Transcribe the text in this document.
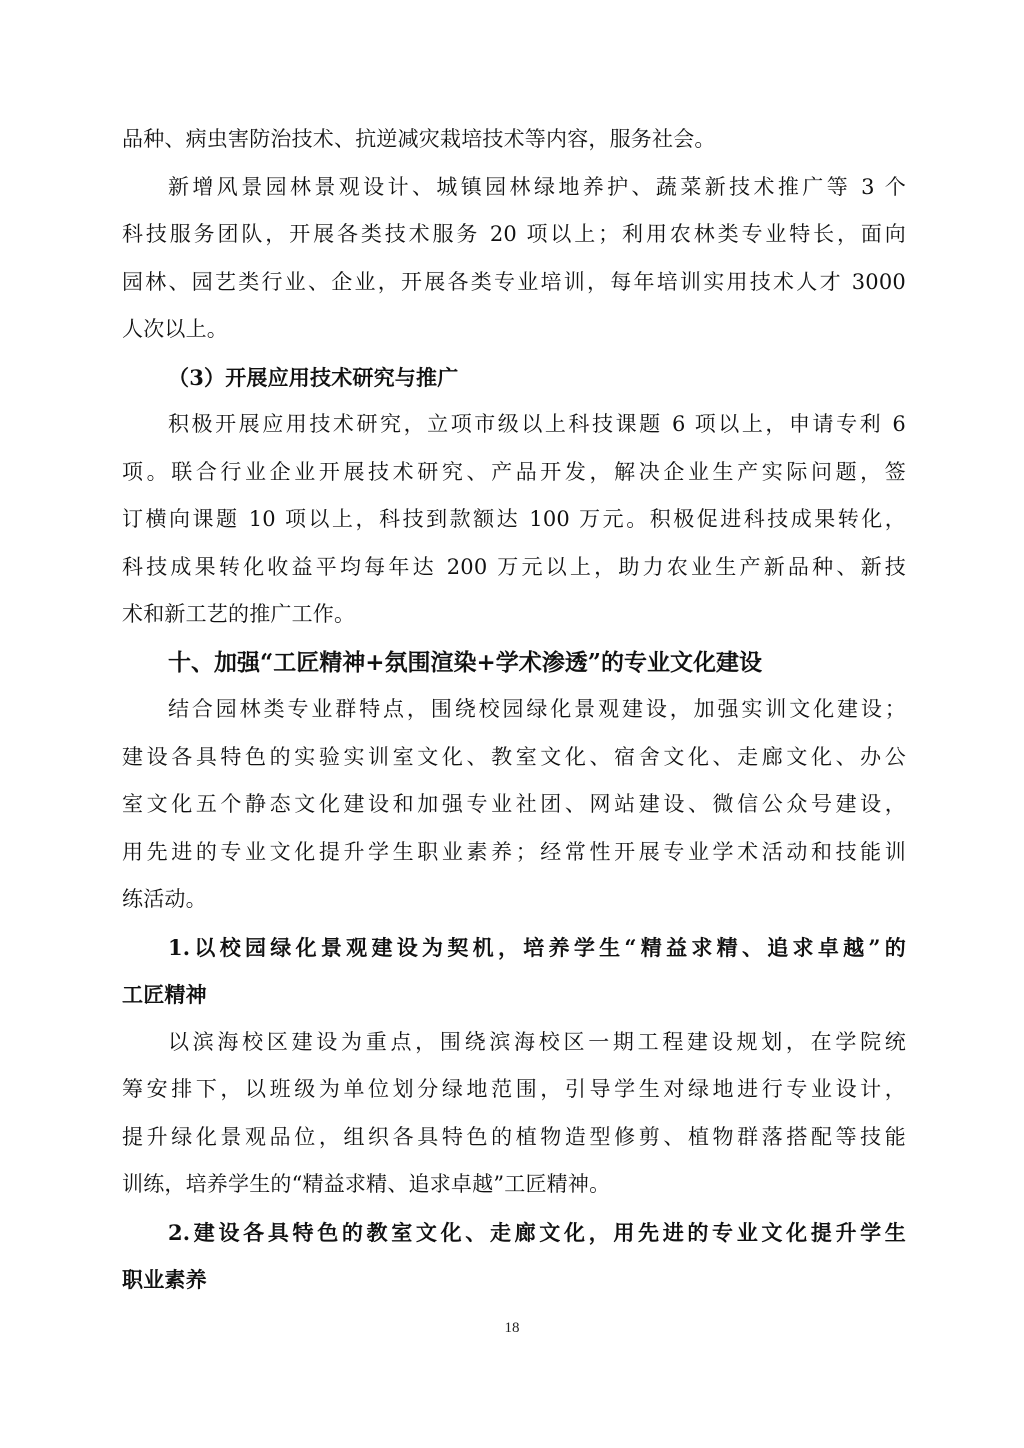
品种、病虫害防治技术、抗逆减灾栽培技术等内容，服务社会。
新增风景园林景观设计、城镇园林绿地养护、蔬菜新技术推广等 3 个
科技服务团队，开展各类技术服务 20 项以上；利用农林类专业特长，面向
园林、园艺类行业、企业，开展各类专业培训，每年培训实用技术人才 3000
人次以上。
（3）开展应用技术研究与推广
积极开展应用技术研究，立项市级以上科技课题 6 项以上，申请专利 6
项。联合行业企业开展技术研究、产品开发，解决企业生产实际问题，签
订横向课题 10 项以上，科技到款额达 100 万元。积极促进科技成果转化，
科技成果转化收益平均每年达 200 万元以上，助力农业生产新品种、新技
术和新工艺的推广工作。
十、加强“工匠精神+氛围渲染+学术渗透”的专业文化建设
结合园林类专业群特点，围绕校园绿化景观建设，加强实训文化建设；
建设各具特色的实验实训室文化、教室文化、宿舍文化、走廊文化、办公
室文化五个静态文化建设和加强专业社团、网站建设、微信公众号建设，
用先进的专业文化提升学生职业素养；经常性开展专业学术活动和技能训
练活动。
1.以校园绿化景观建设为契机，培养学生“精益求精、追求卓越”的
工匠精神
以滨海校区建设为重点，围绕滨海校区一期工程建设规划，在学院统
筹安排下，以班级为单位划分绿地范围，引导学生对绿地进行专业设计，
提升绿化景观品位，组织各具特色的植物造型修剪、植物群落搭配等技能
训练，培养学生的“精益求精、追求卓越”工匠精神。
2.建设各具特色的教室文化、走廊文化，用先进的专业文化提升学生
职业素养
18
